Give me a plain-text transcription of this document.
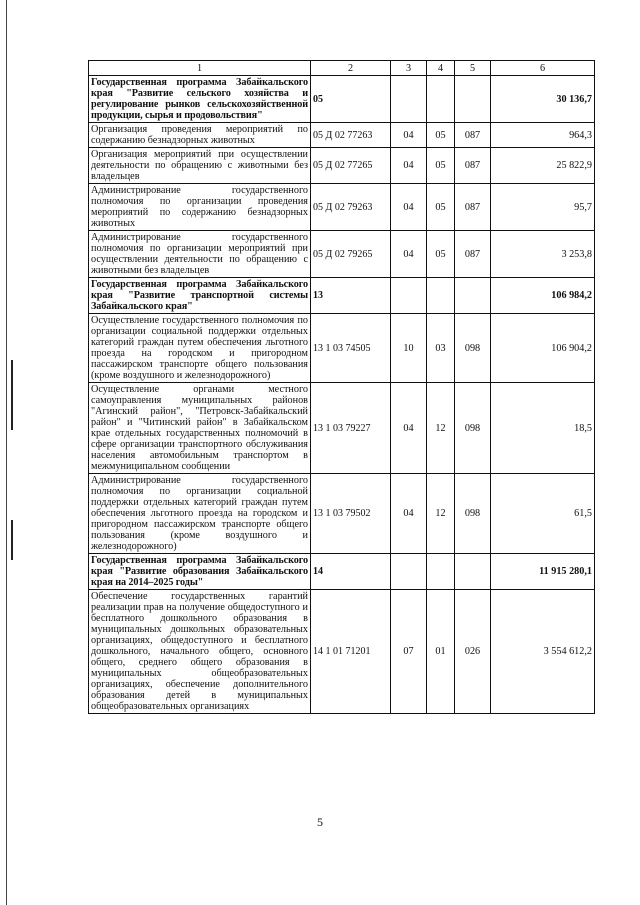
1	2	3	4	5	6
Государственная программа Забайкальского края "Развитие сельского хозяйства и регулирование рынков сельскохозяйственной продукции, сырья и продовольствия"	05				30 136,7
Организация проведения мероприятий по содержанию безнадзорных животных	05 Д 02 77263	04	05	087	964,3
Организация мероприятий при осуществлении деятельности по обращению с животными без владельцев	05 Д 02 77265	04	05	087	25 822,9
Администрирование государственного полномочия по организации проведения мероприятий по содержанию безнадзорных животных	05 Д 02 79263	04	05	087	95,7
Администрирование государственного полномочия по организации мероприятий при осуществлении деятельности по обращению с животными без владельцев	05 Д 02 79265	04	05	087	3 253,8
Государственная программа Забайкальского края "Развитие транспортной системы Забайкальского края"	13				106 984,2
Осуществление государственного полномочия по организации социальной поддержки отдельных категорий граждан путем обеспечения льготного проезда на городском и пригородном пассажирском транспорте общего пользования (кроме воздушного и железнодорожного)	13 1 03 74505	10	03	098	106 904,2
Осуществление органами местного самоуправления муниципальных районов "Агинский район", "Петровск-Забайкальский район" и "Читинский район" в Забайкальском крае отдельных государственных полномочий в сфере организации транспортного обслуживания населения автомобильным транспортом в межмуниципальном сообщении	13 1 03 79227	04	12	098	18,5
Администрирование государственного полномочия по организации социальной поддержки отдельных категорий граждан путем обеспечения льготного проезда на городском и пригородном пассажирском транспорте общего пользования (кроме воздушного и железнодорожного)	13 1 03 79502	04	12	098	61,5
Государственная программа Забайкальского края "Развитие образования Забайкальского края на 2014–2025 годы"	14				11 915 280,1
Обеспечение государственных гарантий реализации прав на получение общедоступного и бесплатного дошкольного образования в муниципальных дошкольных образовательных организациях, общедоступного и бесплатного дошкольного, начального общего, основного общего, среднего общего образования в муниципальных общеобразовательных организациях, обеспечение дополнительного образования детей в муниципальных общеобразовательных организациях	14 1 01 71201	07	01	026	3 554 612,2
5
